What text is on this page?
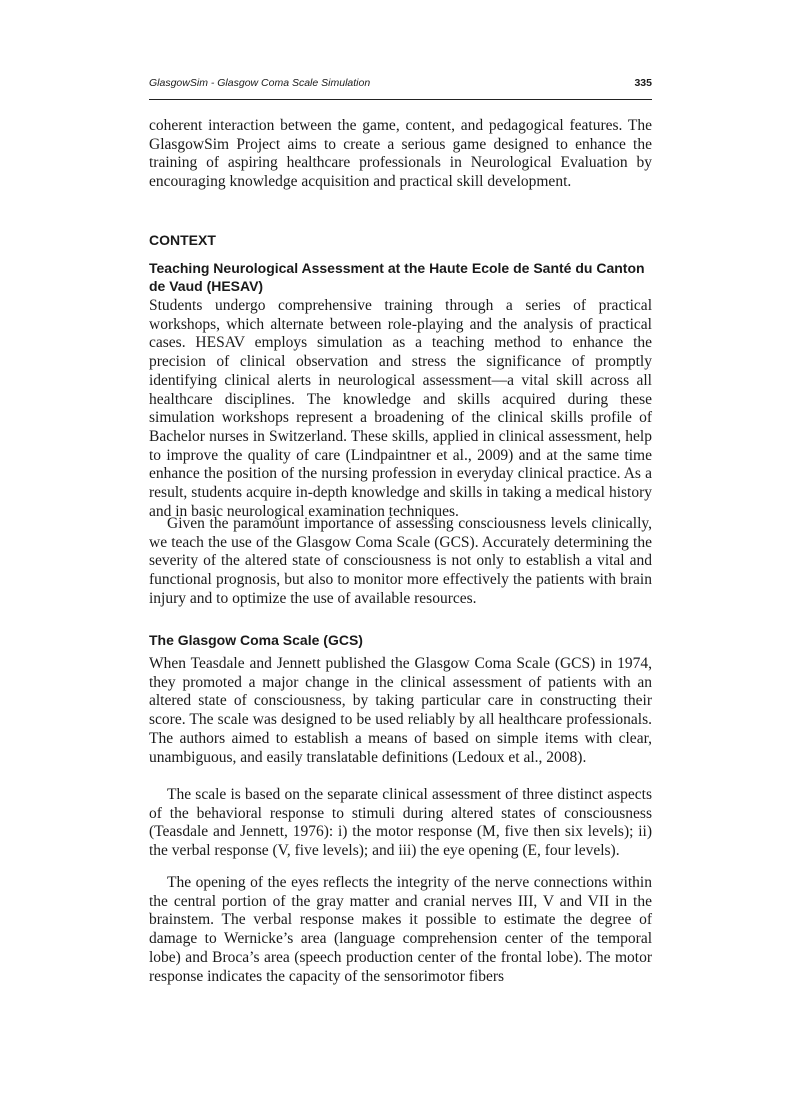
GlasgowSim - Glasgow Coma Scale Simulation	335

coherent interaction between the game, content, and pedagogical features. The GlasgowSim Project aims to create a serious game designed to enhance the training of aspiring healthcare professionals in Neurological Evaluation by encouraging knowledge acquisition and practical skill development.

CONTEXT
Teaching Neurological Assessment at the Haute Ecole de Santé du Canton de Vaud (HESAV)

Students undergo comprehensive training through a series of practical workshops, which alternate between role-playing and the analysis of practical cases. HESAV employs simulation as a teaching method to enhance the precision of clinical observation and stress the significance of promptly identifying clinical alerts in neurological assessment—a vital skill across all healthcare disciplines. The knowledge and skills acquired during these simulation workshops represent a broadening of the clinical skills profile of Bachelor nurses in Switzerland. These skills, applied in clinical assessment, help to improve the quality of care (Lindpaintner et al., 2009) and at the same time enhance the position of the nursing profession in everyday clinical practice. As a result, students acquire in-depth knowledge and skills in taking a medical history and in basic neurological examination techniques.

Given the paramount importance of assessing consciousness levels clinically, we teach the use of the Glasgow Coma Scale (GCS). Accurately determining the severity of the altered state of consciousness is not only to establish a vital and functional prognosis, but also to monitor more effectively the patients with brain injury and to optimize the use of available resources.

The Glasgow Coma Scale (GCS)

When Teasdale and Jennett published the Glasgow Coma Scale (GCS) in 1974, they promoted a major change in the clinical assessment of patients with an altered state of consciousness, by taking particular care in constructing their score. The scale was designed to be used reliably by all healthcare professionals. The authors aimed to establish a means of based on simple items with clear, unambiguous, and easily translatable definitions (Ledoux et al., 2008).

The scale is based on the separate clinical assessment of three distinct aspects of the behavioral response to stimuli during altered states of consciousness (Teasdale and Jennett, 1976): i) the motor response (M, five then six levels); ii) the verbal response (V, five levels); and iii) the eye opening (E, four levels).

The opening of the eyes reflects the integrity of the nerve connections within the central portion of the gray matter and cranial nerves III, V and VII in the brainstem. The verbal response makes it possible to estimate the degree of damage to Wernicke’s area (language comprehension center of the temporal lobe) and Broca’s area (speech production center of the frontal lobe). The motor response indicates the capacity of the sensorimotor fibers
